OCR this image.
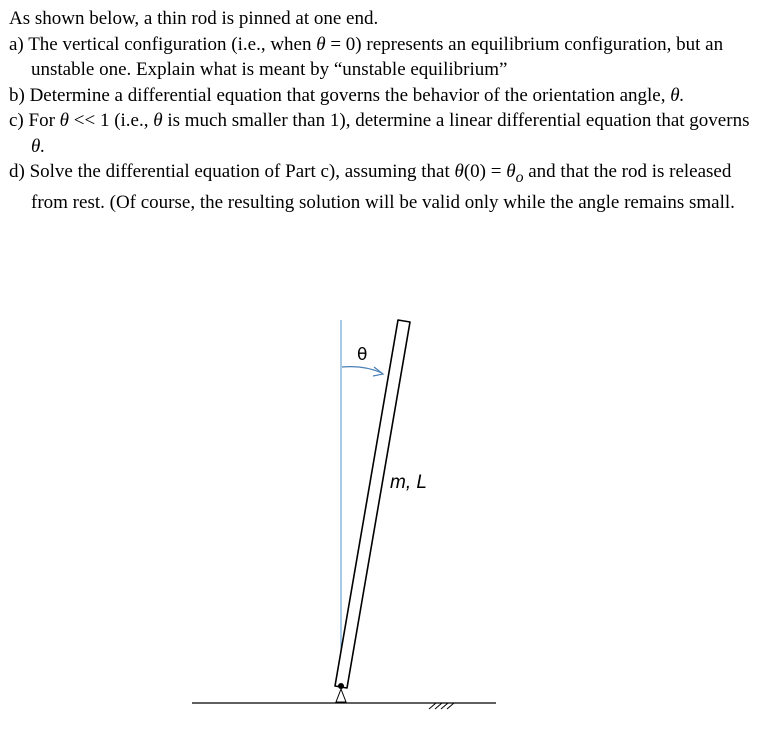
As shown below, a thin rod is pinned at one end.

a) The vertical configuration (i.e., when θ = 0) represents an equilibrium configuration, but an unstable one. Explain what is meant by “unstable equilibrium”

b) Determine a differential equation that governs the behavior of the orientation angle, θ.

c) For θ << 1 (i.e., θ is much smaller than 1), determine a linear differential equation that governs θ.

d) Solve the differential equation of Part c), assuming that $\theta(0) = \theta_o$ and that the rod is released from rest. (Of course, the resulting solution will be valid only while the angle remains small.

θ
m, L
